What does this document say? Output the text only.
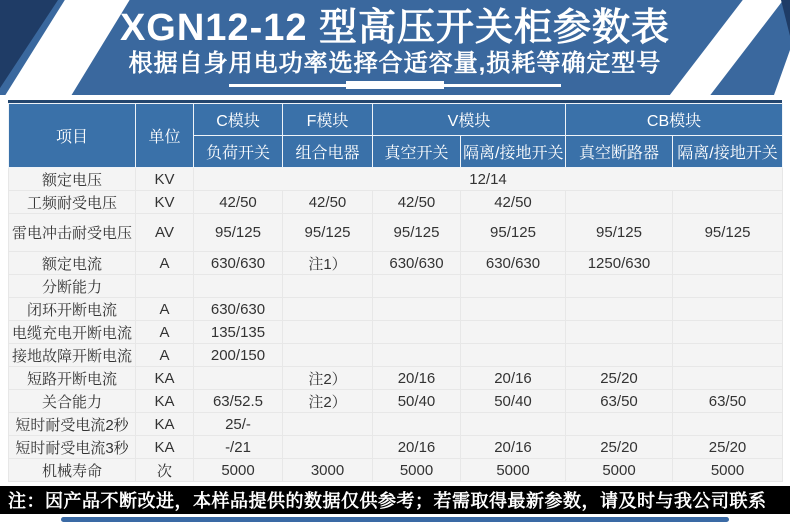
XGN12-12 型高压开关柜参数表
根据自身用电功率选择合适容量,损耗等确定型号
项目	单位	C模块	F模块	V模块		CB模块	
		负荷开关	组合电器	真空开关	隔离/接地开关	真空断路器	隔离/接地开关
额定电压	KV	12/14					
工频耐受电压	KV	42/50	42/50	42/50	42/50		
雷电冲击耐受电压	AV	95/125	95/125	95/125	95/125	95/125	95/125
额定电流	A	630/630	注1）	630/630	630/630	1250/630	
分断能力							
闭环开断电流	A	630/630					
电缆充电开断电流	A	135/135					
接地故障开断电流	A	200/150					
短路开断电流	KA		注2）	20/16	20/16	25/20	
关合能力	KA	63/52.5	注2）	50/40	50/40	63/50	63/50
短时耐受电流2秒	KA	25/-					
短时耐受电流3秒	KA	-/21		20/16	20/16	25/20	25/20
机械寿命	次	5000	3000	5000	5000	5000	5000
注：因产品不断改进，本样品提供的数据仅供参考；若需取得最新参数，请及时与我公司联系
